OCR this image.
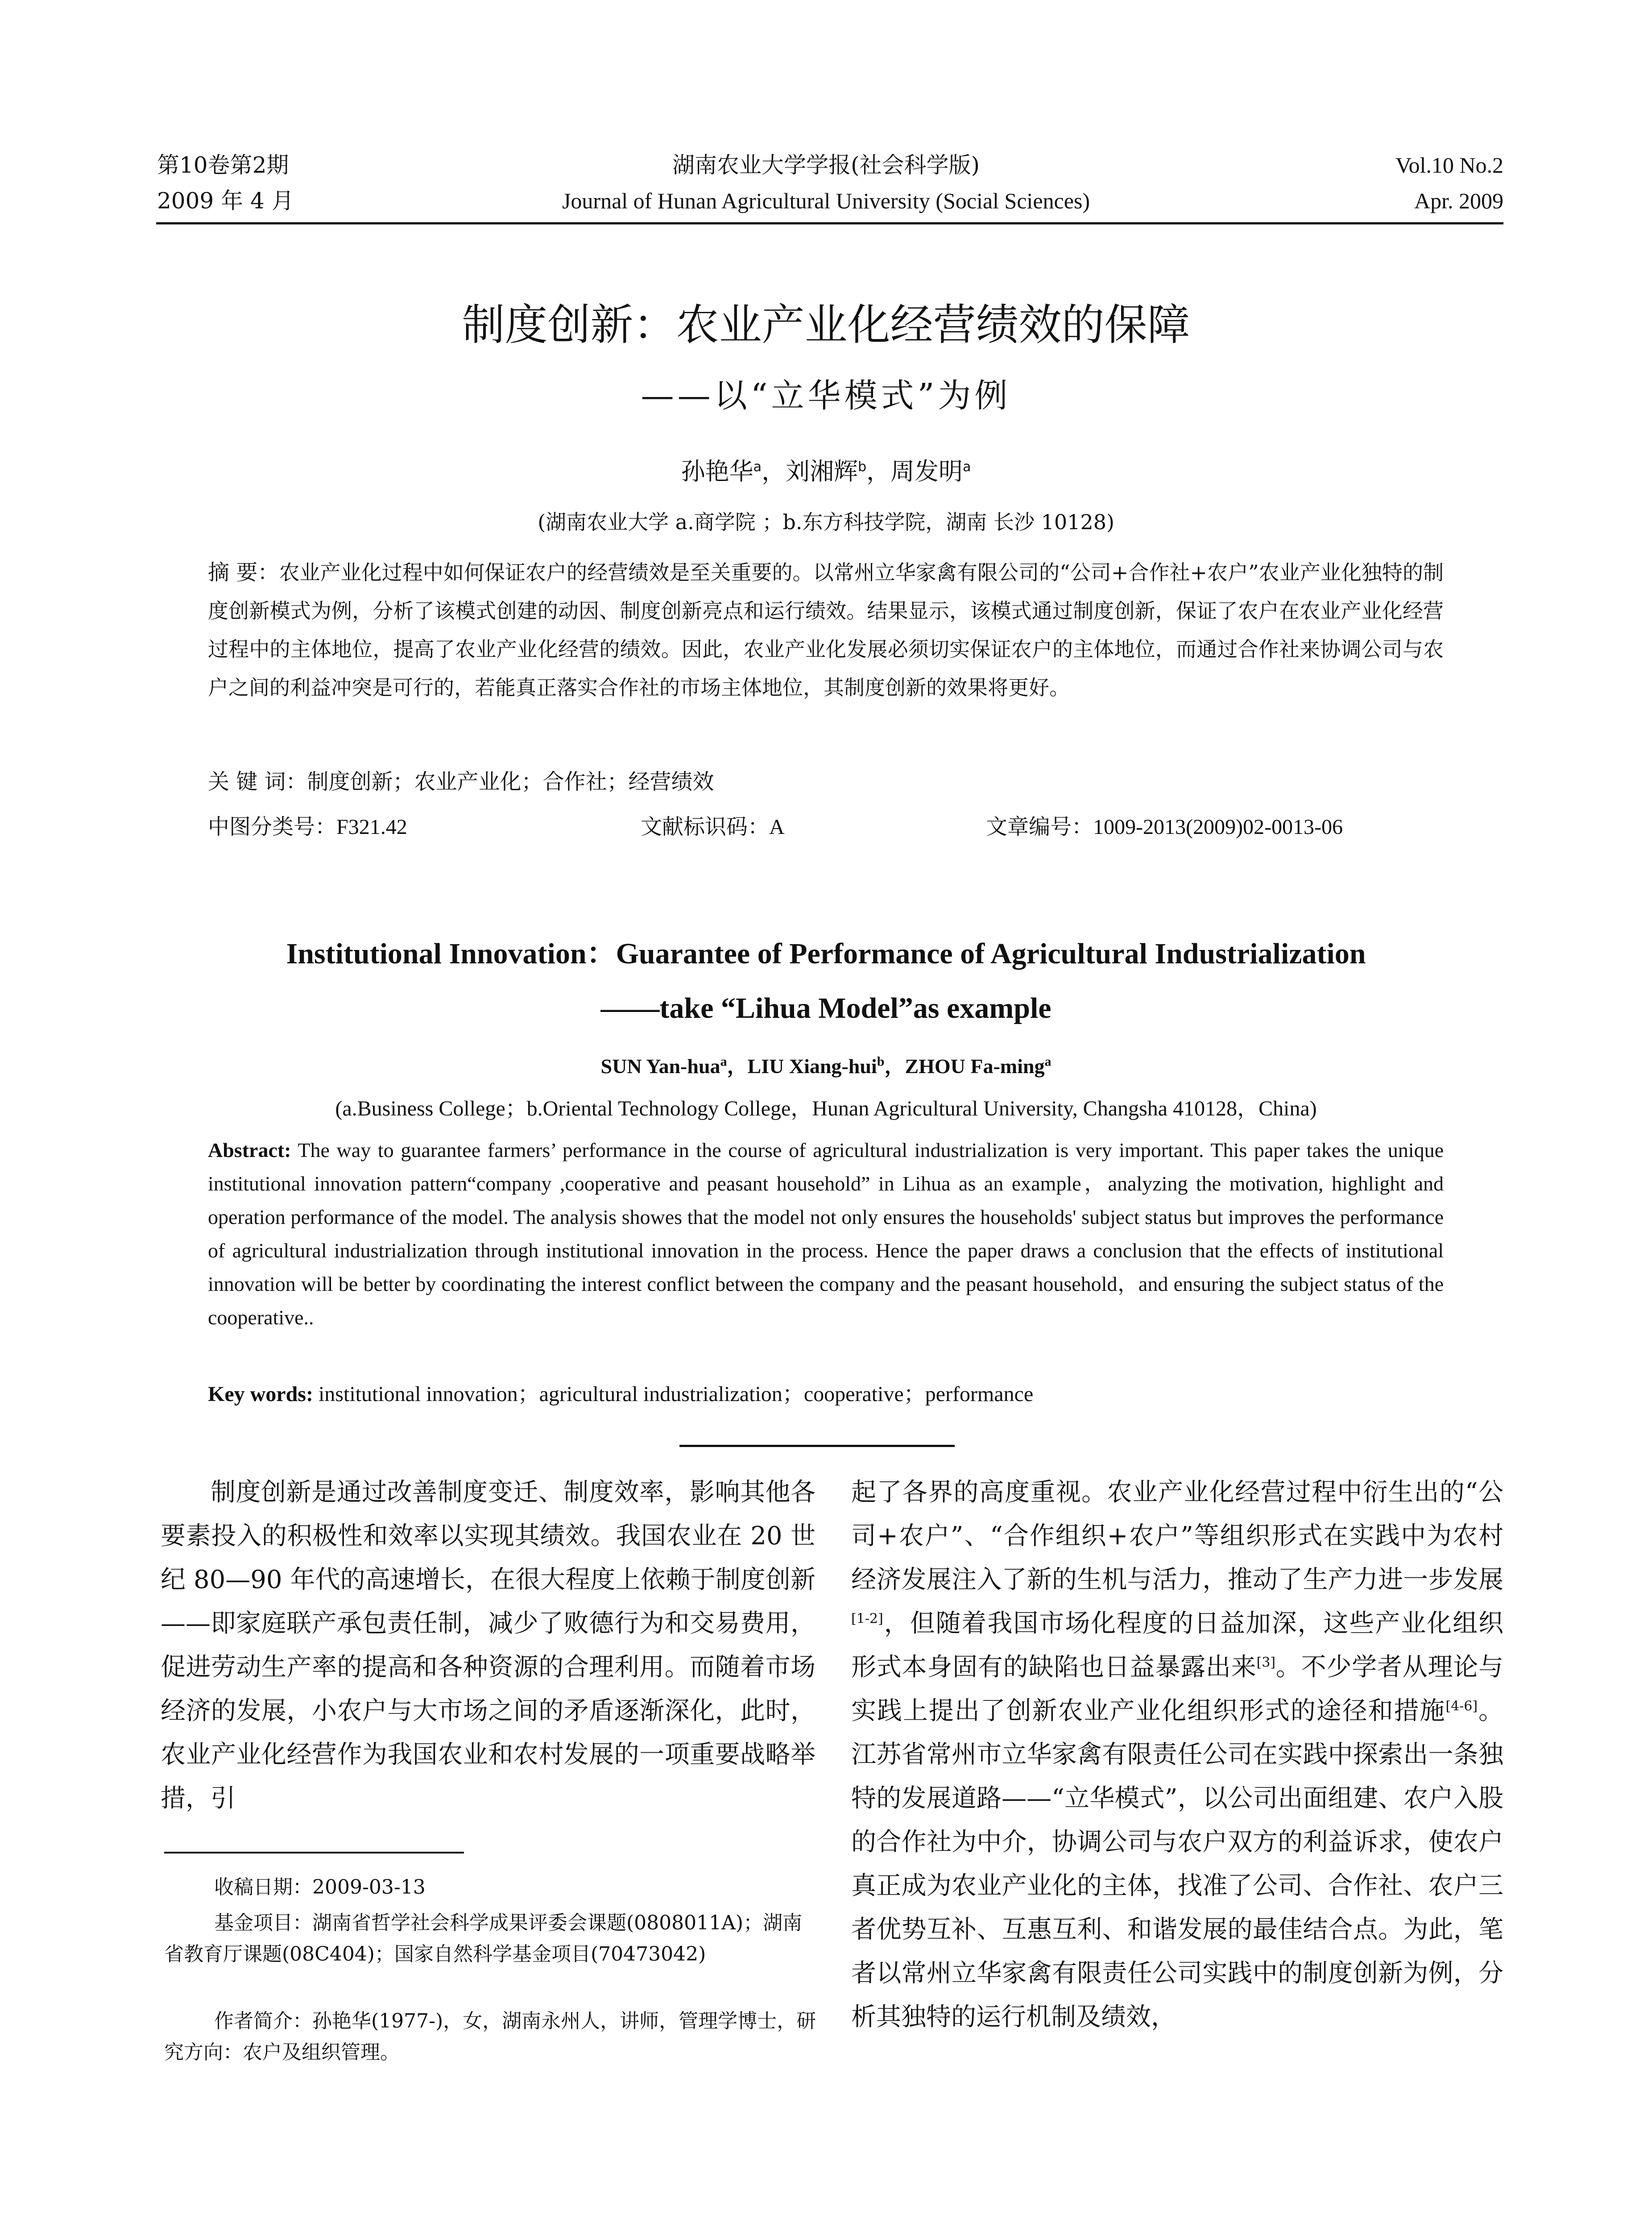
第10卷第2期
2009 年 4 月
湖南农业大学学报(社会科学版)
Journal of Hunan Agricultural University (Social Sciences)
Vol.10 No.2
Apr. 2009
制度创新：农业产业化经营绩效的保障
——以“立华模式”为例
孙艳华$^a$，刘湘辉$^b$，周发明$^a$
(湖南农业大学 a.商学院 ；b.东方科技学院，湖南 长沙 10128)
摘 要：农业产业化过程中如何保证农户的经营绩效是至关重要的。以常州立华家禽有限公司的“公司+合作社+农户”农业产业化独特的制度创新模式为例，分析了该模式创建的动因、制度创新亮点和运行绩效。结果显示，该模式通过制度创新，保证了农户在农业产业化经营过程中的主体地位，提高了农业产业化经营的绩效。因此，农业产业化发展必须切实保证农户的主体地位，而通过合作社来协调公司与农户之间的利益冲突是可行的，若能真正落实合作社的市场主体地位，其制度创新的效果将更好。
关 键 词：制度创新；农业产业化；合作社；经营绩效
中图分类号：F321.42	文献标识码：A	文章编号：1009-2013(2009)02-0013-06
Institutional Innovation：Guarantee of Performance of Agricultural Industrialization
——take “Lihua Model”as example
SUN Yan-hua$^a$，LIU Xiang-hui$^b$，ZHOU Fa-ming$^a$
(a.Business College；b.Oriental Technology College，Hunan Agricultural University, Changsha 410128，China)
Abstract: The way to guarantee farmers’ performance in the course of agricultural industrialization is very important. This paper takes the unique institutional innovation pattern“company ,cooperative and peasant household” in Lihua as an example，analyzing the motivation, highlight and operation performance of the model. The analysis showes that the model not only ensures the households' subject status but improves the performance of agricultural industrialization through institutional innovation in the process. Hence the paper draws a conclusion that the effects of institutional innovation will be better by coordinating the interest conflict between the company and the peasant household，and ensuring the subject status of the cooperative..
Key words: institutional innovation；agricultural industrialization；cooperative；performance
制度创新是通过改善制度变迁、制度效率，影响其他各要素投入的积极性和效率以实现其绩效。我国农业在 20 世纪 80—90 年代的高速增长，在很大程度上依赖于制度创新——即家庭联产承包责任制，减少了败德行为和交易费用，促进劳动生产率的提高和各种资源的合理利用。而随着市场经济的发展，小农户与大市场之间的矛盾逐渐深化，此时，农业产业化经营作为我国农业和农村发展的一项重要战略举措，引
起了各界的高度重视。农业产业化经营过程中衍生出的“公司+农户”、“合作组织+农户”等组织形式在实践中为农村经济发展注入了新的生机与活力，推动了生产力进一步发展[1-2]，但随着我国市场化程度的日益加深，这些产业化组织形式本身固有的缺陷也日益暴露出来[3]。不少学者从理论与实践上提出了创新农业产业化组织形式的途径和措施[4-6]。江苏省常州市立华家禽有限责任公司在实践中探索出一条独特的发展道路——“立华模式”，以公司出面组建、农户入股的合作社为中介，协调公司与农户双方的利益诉求，使农户真正成为农业产业化的主体，找准了公司、合作社、农户三者优势互补、互惠互利、和谐发展的最佳结合点。为此，笔者以常州立华家禽有限责任公司实践中的制度创新为例，分析其独特的运行机制及绩效，
收稿日期：2009-03-13
基金项目：湖南省哲学社会科学成果评委会课题(0808011A)；湖南省教育厅课题(08C404)；国家自然科学基金项目(70473042)
作者简介：孙艳华(1977-)，女，湖南永州人，讲师，管理学博士，研究方向：农户及组织管理。
